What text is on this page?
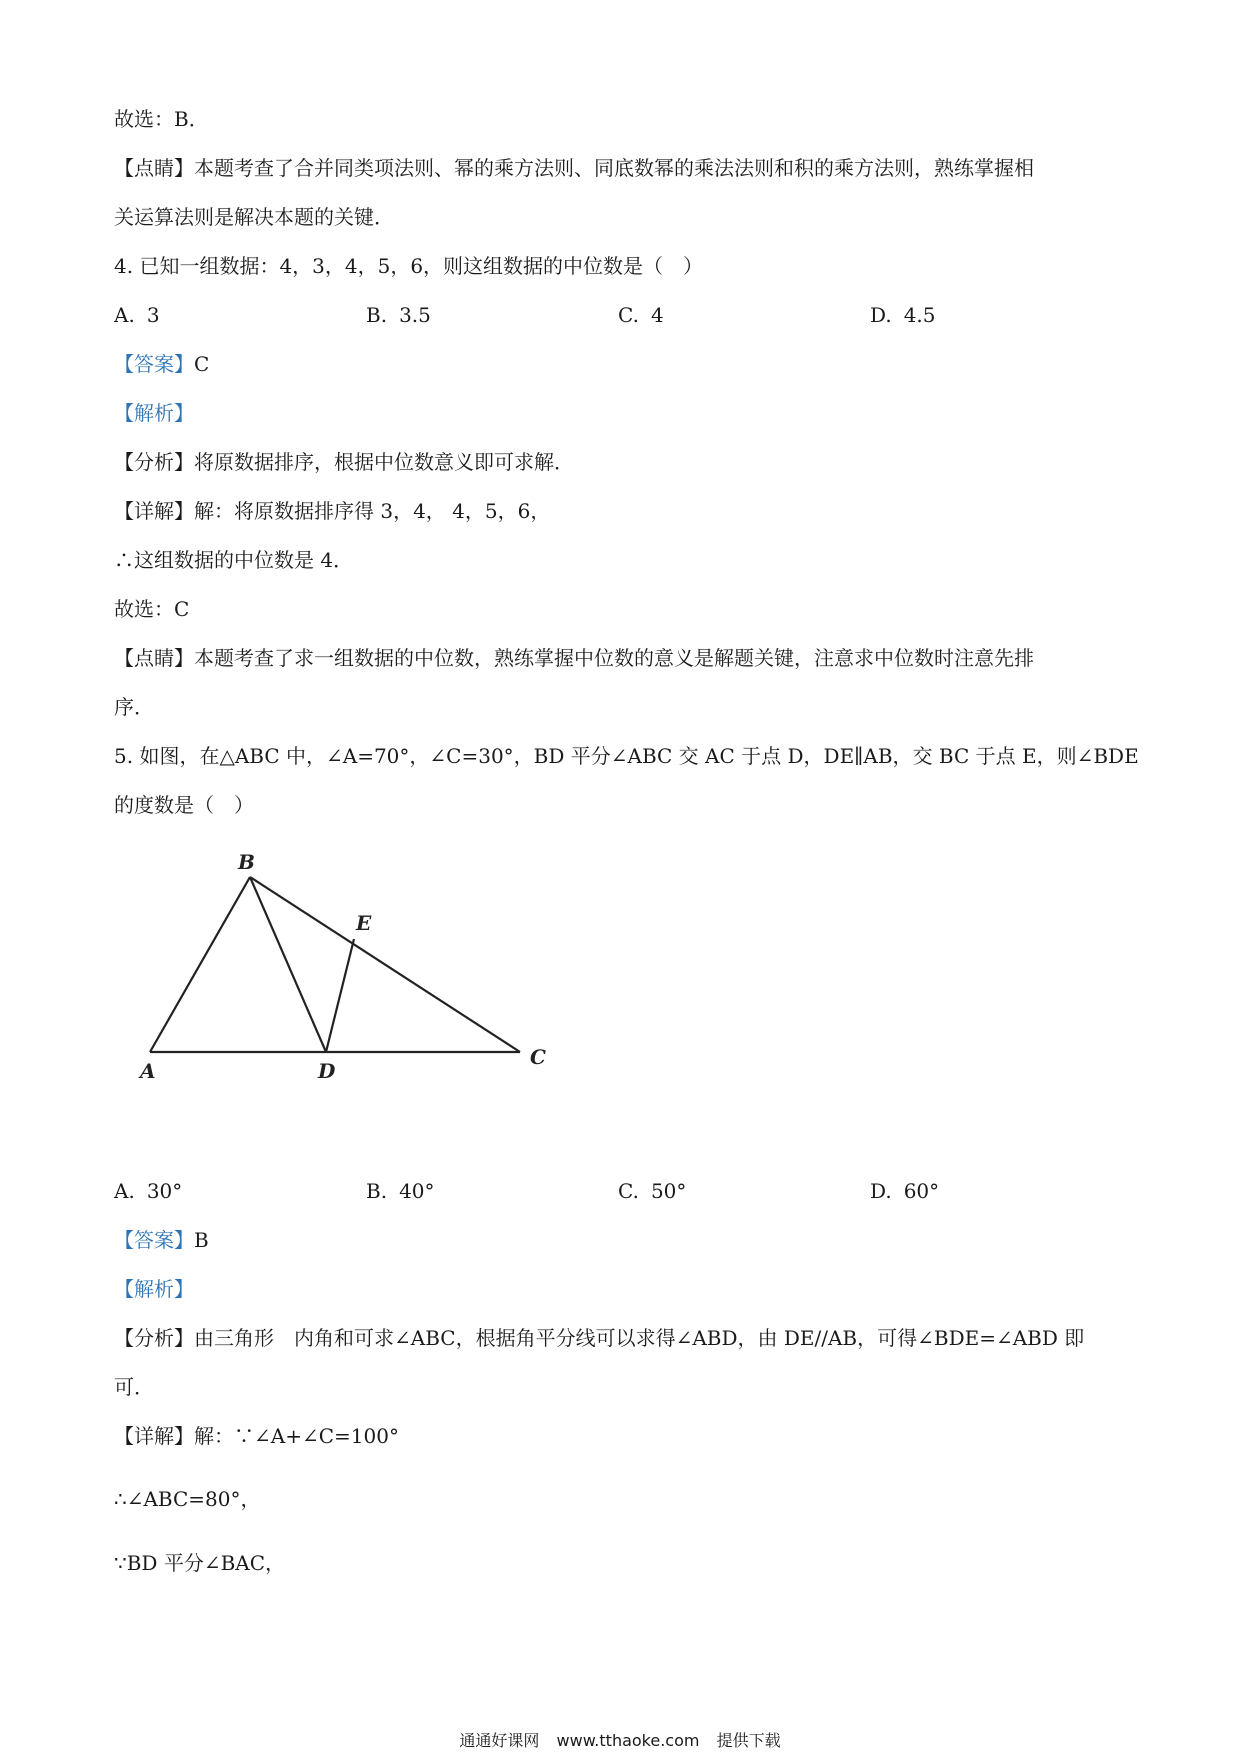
故选：B．
【点睛】本题考查了合并同类项法则、幂的乘方法则、同底数幂的乘法法则和积的乘方法则，熟练掌握相
关运算法则是解决本题的关键．
4. 已知一组数据：4，3，4，5，6，则这组数据的中位数是（　）
A. 3	B. 3.5	C. 4	D. 4.5
【答案】C
【解析】
【分析】将原数据排序，根据中位数意义即可求解．
【详解】解：将原数据排序得 3，4， 4，5，6，
∴这组数据的中位数是 4．
故选：C
【点睛】本题考查了求一组数据的中位数，熟练掌握中位数的意义是解题关键，注意求中位数时注意先排
序．
5. 如图，在△ABC 中，∠A=70°，∠C=30°，BD 平分∠ABC 交 AC 于点 D，DE∥AB，交 BC 于点 E，则∠BDE
的度数是（　）
B
E
A	D
C
A. 30°	B. 40°	C. 50°	D. 60°
【答案】B
【解析】
【分析】由三角形　内角和可求∠ABC，根据角平分线可以求得∠ABD，由 DE//AB，可得∠BDE=∠ABD 即
可．
【详解】解：∵∠A+∠C=100°
∴∠ABC=80°，
∵BD 平分∠BAC，
通通好课网 www.tthaoke.com 提供下载
